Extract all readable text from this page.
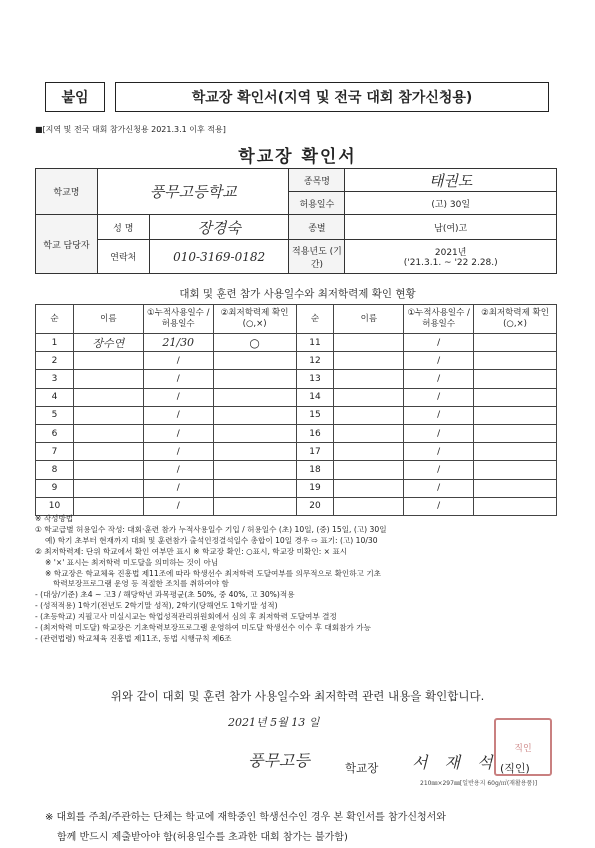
붙임	학교장 확인서(지역 및 전국 대회 참가신청용)
■[지역 및 전국 대회 참가신청용 2021.3.1 이후 적용]
학교장 확인서
학교명	풍무고등학교		종목명	태권도
			허용일수	(고) 30일
학교 담당자	성 명	장경숙	종별	남(여)고
	연락처	010-3169-0182	적용년도 (기간)	2021년
('21.3.1. ~ '22 2.28.)
대회 및 훈련 참가 사용일수와 최저학력제 확인 현황
순	이름	①누적사용일수 /허용일수	②최저학력제 확인(○,×)	순	이름	①누적사용일수 /허용일수	②최저학력제 확인(○,×)
1	장수연	21/30	○	11		/	
2		/		12		/	
3		/		13		/	
4		/		14		/	
5		/		15		/	
6		/		16		/	
7		/		17		/	
8		/		18		/	
9		/		19		/	
10		/		20		/	
※ 작성방법
① 학교급별 허용일수 작성: 대회·훈련 참가 누적사용일수 기입 / 허용일수 (초) 10일, (중) 15일, (고) 30일
예) 학기 초부터 현재까지 대회 및 훈련참가 출석인정결석일수 총합이 10일 경우 ⇨ 표기: (고) 10/30
② 최저학력제: 단위 학교에서 확인 여부만 표시 ※ 학교장 확인: ○표시, 학교장 미확인: × 표시
※ '×' 표시는 최저학력 미도달을 의미하는 것이 아님
※ 학교장은 학교체육 진흥법 제11조에 따라 학생선수 최저학력 도달여부를 의무적으로 확인하고 기초
학력보장프로그램 운영 등 적절한 조치를 취하여야 함
- (대상/기준) 초4 ~ 고3 / 해당학년 과목평균(초 50%, 중 40%, 고 30%)적용
- (성적적용) 1학기(전년도 2학기말 성적), 2학기(당해연도 1학기말 성적)
- (초등학교) 지필고사 미실시교는 학업성적관리위원회에서 심의 후 최저학력 도달여부 결정
- (최저학력 미도달) 학교장은 기초학력보장프로그램 운영하여 미도달 학생선수 이수 후 대회참가 가능
- (관련법령) 학교체육 진흥법 제11조, 동법 시행규칙 제6조
위와 같이 대회 및 훈련 참가 사용일수와 최저학력 관련 내용을 확인합니다.
2021년 5월 13 일
풍무고등	학교장 서 재 석
직인
(직인)
210㎜×297㎜[일반용지 60g/㎡(재활용품)]
※ 대회를 주최/주관하는 단체는 학교에 재학중인 학생선수인 경우 본 확인서를 참가신청서와
함께 반드시 제출받아야 함(허용일수를 초과한 대회 참가는 불가함)
